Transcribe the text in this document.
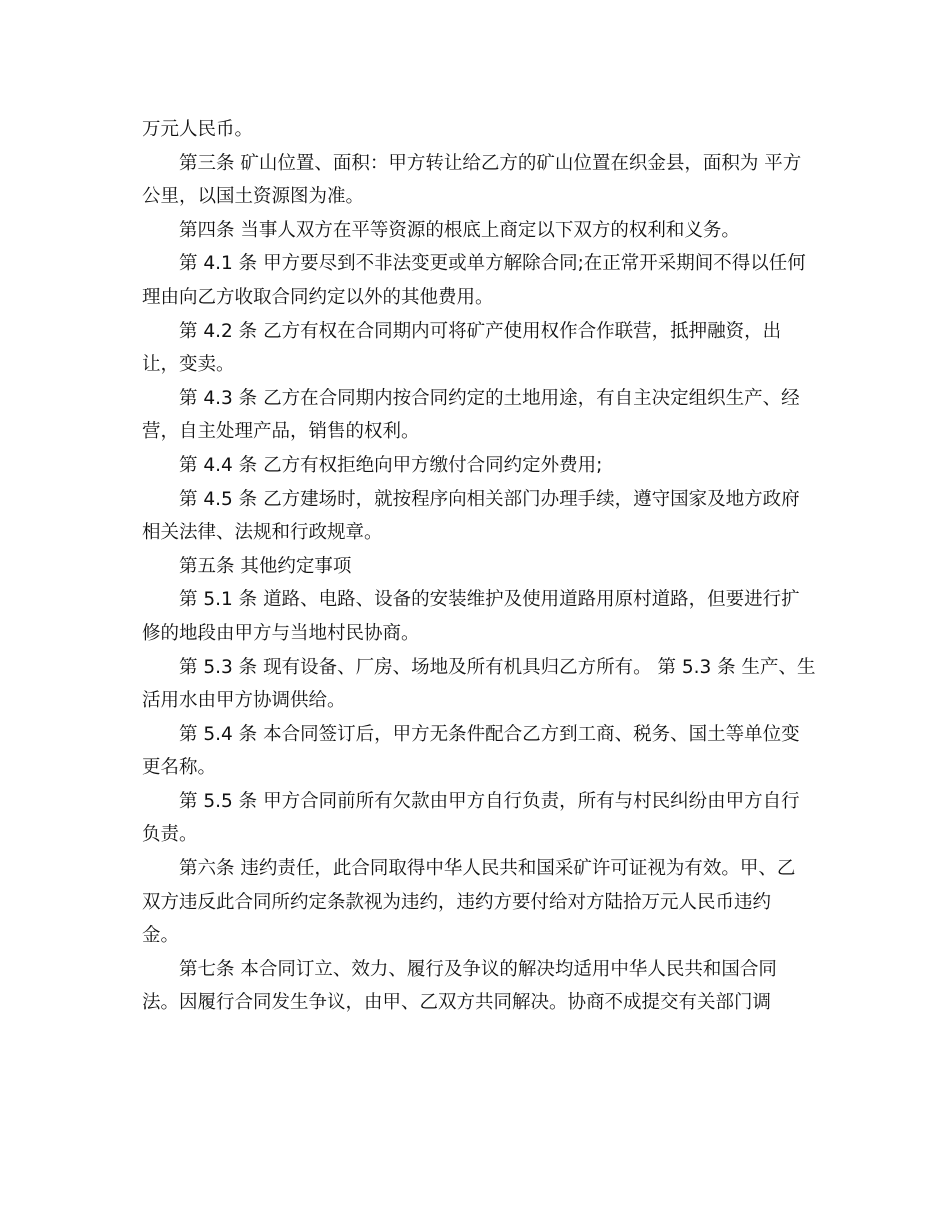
万元人民币。

第三条 矿山位置、面积：甲方转让给乙方的矿山位置在织金县，面积为 平方

公里，以国土资源图为准。

第四条 当事人双方在平等资源的根底上商定以下双方的权利和义务。

第 4.1 条 甲方要尽到不非法变更或单方解除合同;在正常开采期间不得以任何

理由向乙方收取合同约定以外的其他费用。

第 4.2 条 乙方有权在合同期内可将矿产使用权作合作联营，抵押融资，出

让，变卖。

第 4.3 条 乙方在合同期内按合同约定的土地用途，有自主决定组织生产、经

营，自主处理产品，销售的权利。

第 4.4 条 乙方有权拒绝向甲方缴付合同约定外费用;

第 4.5 条 乙方建场时，就按程序向相关部门办理手续，遵守国家及地方政府

相关法律、法规和行政规章。

第五条 其他约定事项

第 5.1 条 道路、电路、设备的安装维护及使用道路用原村道路，但要进行扩

修的地段由甲方与当地村民协商。

第 5.3 条 现有设备、厂房、场地及所有机具归乙方所有。 第 5.3 条 生产、生

活用水由甲方协调供给。

第 5.4 条 本合同签订后，甲方无条件配合乙方到工商、税务、国土等单位变

更名称。

第 5.5 条 甲方合同前所有欠款由甲方自行负责，所有与村民纠纷由甲方自行

负责。

第六条 违约责任，此合同取得中华人民共和国采矿许可证视为有效。甲、乙

双方违反此合同所约定条款视为违约，违约方要付给对方陆拾万元人民币违约

金。

第七条 本合同订立、效力、履行及争议的解决均适用中华人民共和国合同

法。因履行合同发生争议，由甲、乙双方共同解决。协商不成提交有关部门调
